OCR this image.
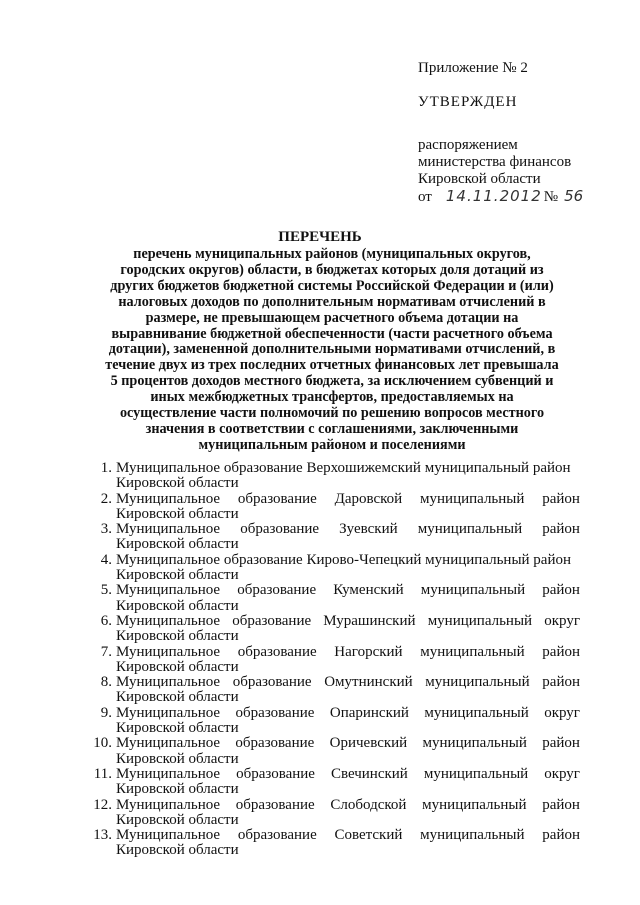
Приложение № 2
УТВЕРЖДЕН
распоряжением
министерства финансов
Кировской области
от 14.11.2012 № 56
ПЕРЕЧЕНЬ
перечень муниципальных районов (муниципальных округов,
городских округов) области, в бюджетах которых доля дотаций из
других бюджетов бюджетной системы Российской Федерации и (или)
налоговых доходов по дополнительным нормативам отчислений в
размере, не превышающем расчетного объема дотации на
выравнивание бюджетной обеспеченности (части расчетного объема
дотации), замененной дополнительными нормативами отчислений, в
течение двух из трех последних отчетных финансовых лет превышала
5 процентов доходов местного бюджета, за исключением субвенций и
иных межбюджетных трансфертов, предоставляемых на
осуществление части полномочий по решению вопросов местного
значения в соответствии с соглашениями, заключенными
муниципальным районом и поселениями
1. Муниципальное образование Верхошижемский муниципальный район
Кировской области
2. Муниципальное образование Даровской муниципальный район
Кировской области
3. Муниципальное образование Зуевский муниципальный район
Кировской области
4. Муниципальное образование Кирово-Чепецкий муниципальный район
Кировской области
5. Муниципальное образование Куменский муниципальный район
Кировской области
6. Муниципальное образование Мурашинский муниципальный округ
Кировской области
7. Муниципальное образование Нагорский муниципальный район
Кировской области
8. Муниципальное образование Омутнинский муниципальный район
Кировской области
9. Муниципальное образование Опаринский муниципальный округ
Кировской области
10. Муниципальное образование Оричевский муниципальный район
Кировской области
11. Муниципальное образование Свечинский муниципальный округ
Кировской области
12. Муниципальное образование Слободской муниципальный район
Кировской области
13. Муниципальное образование Советский муниципальный район
Кировской области
